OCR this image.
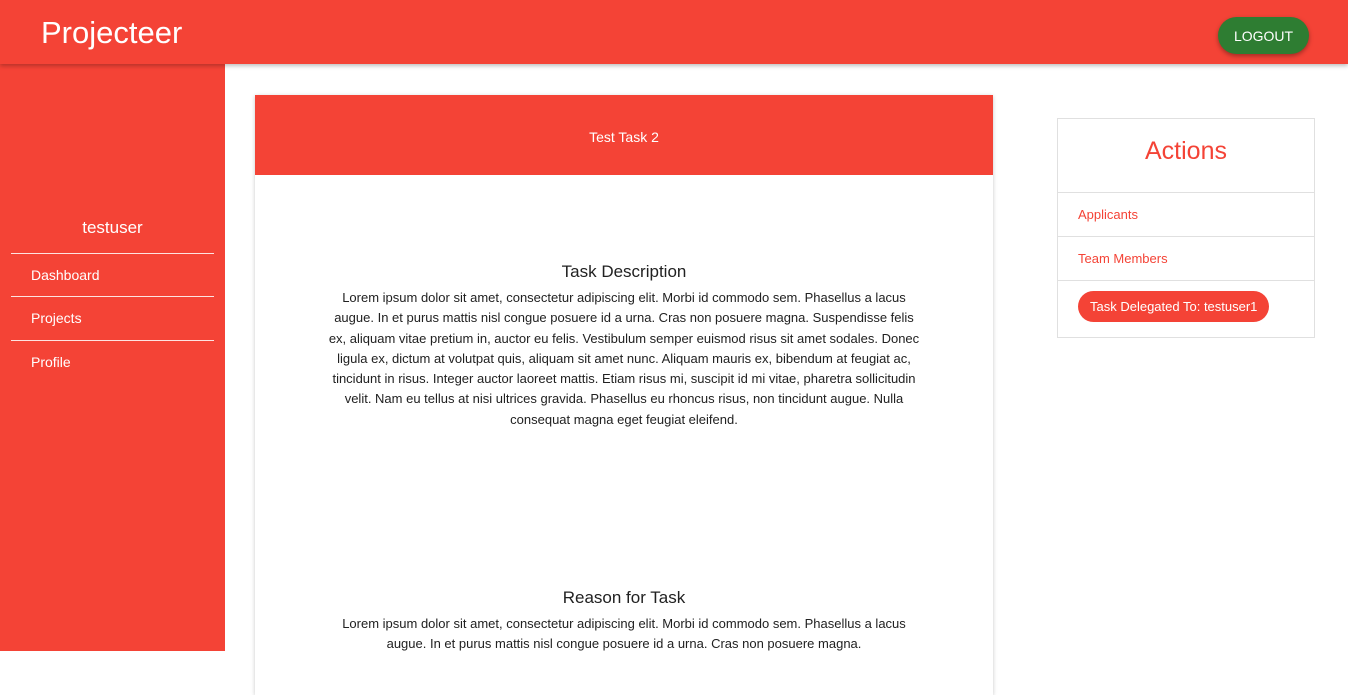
Projecteer	LOGOUT
testuser
Dashboard
Projects
Profile
Test Task 2
Task Description
Lorem ipsum dolor sit amet, consectetur adipiscing elit. Morbi id commodo sem. Phasellus a lacus augue. In et purus mattis nisl congue posuere id a urna. Cras non posuere magna. Suspendisse felis ex, aliquam vitae pretium in, auctor eu felis. Vestibulum semper euismod risus sit amet sodales. Donec ligula ex, dictum at volutpat quis, aliquam sit amet nunc. Aliquam mauris ex, bibendum at feugiat ac, tincidunt in risus. Integer auctor laoreet mattis. Etiam risus mi, suscipit id mi vitae, pharetra sollicitudin velit. Nam eu tellus at nisi ultrices gravida. Phasellus eu rhoncus risus, non tincidunt augue. Nulla consequat magna eget feugiat eleifend.
Reason for Task
Lorem ipsum dolor sit amet, consectetur adipiscing elit. Morbi id commodo sem. Phasellus a lacus augue. In et purus mattis nisl congue posuere id a urna. Cras non posuere magna.
Actions
Applicants
Team Members
Task Delegated To: testuser1
